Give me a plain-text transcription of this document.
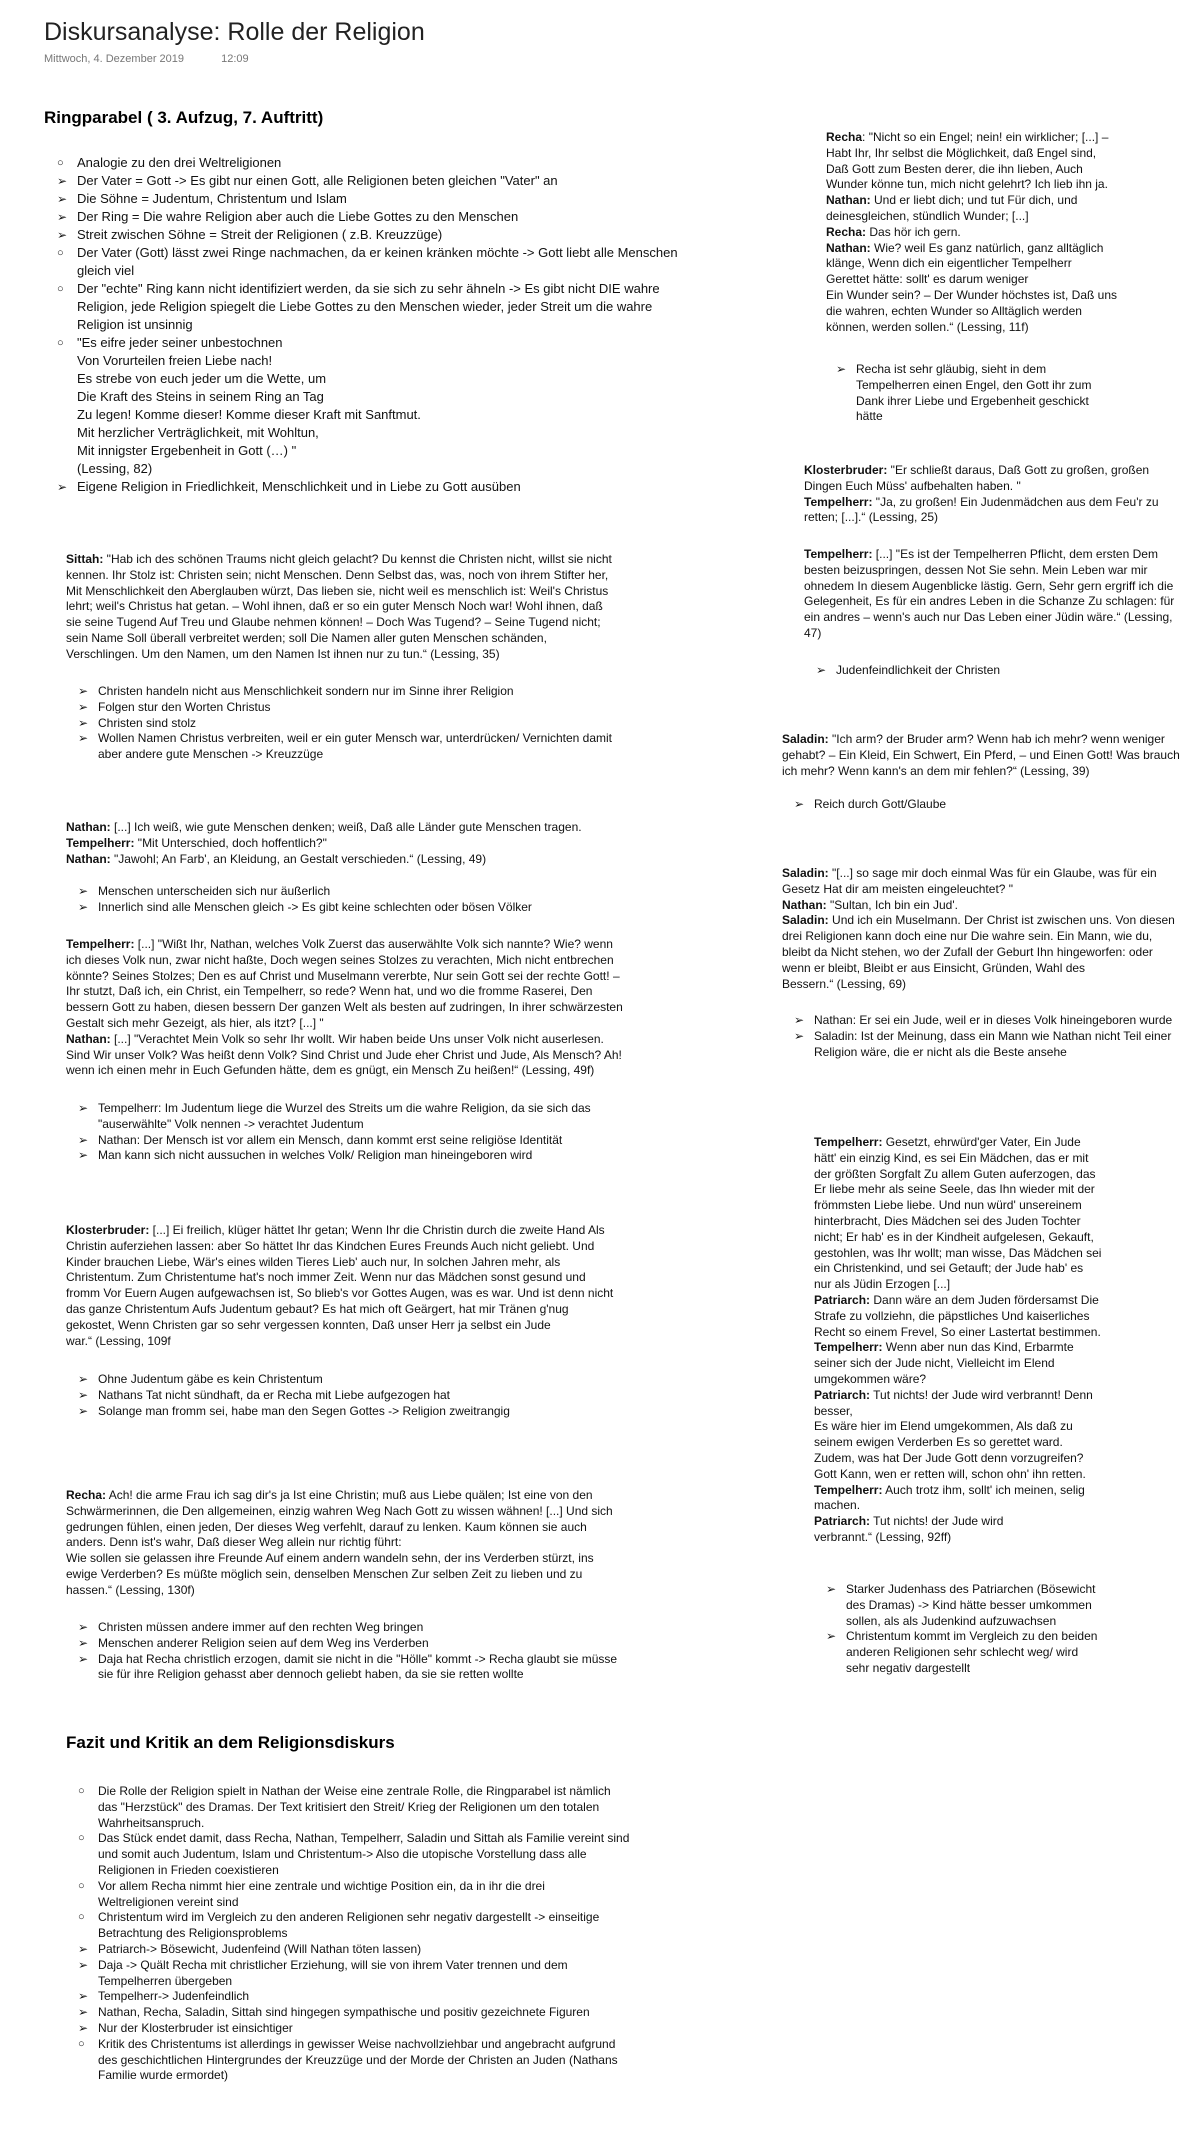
Diskursanalyse: Rolle der Religion
Mittwoch, 4. Dezember 2019	12:09
Ringparabel ( 3. Aufzug, 7. Auftritt)
○	Analogie zu den drei Weltreligionen
➢ Der Vater = Gott -> Es gibt nur einen Gott, alle Religionen beten gleichen "Vater" an
➢ Die Söhne = Judentum, Christentum und Islam
➢ Der Ring = Die wahre Religion aber auch die Liebe Gottes zu den Menschen
➢ Streit zwischen Söhne = Streit der Religionen ( z.B. Kreuzzüge)
○	Der Vater (Gott) lässt zwei Ringe nachmachen, da er keinen kränken möchte -> Gott liebt alle Menschen
gleich viel
○	Der "echte" Ring kann nicht identifiziert werden, da sie sich zu sehr ähneln -> Es gibt nicht DIE wahre
Religion, jede Religion spiegelt die Liebe Gottes zu den Menschen wieder, jeder Streit um die wahre
Religion ist unsinnig
○	"Es eifre jeder seiner unbestochnen
Von Vorurteilen freien Liebe nach!
Es strebe von euch jeder um die Wette, um
Die Kraft des Steins in seinem Ring an Tag
Zu legen! Komme dieser! Komme dieser Kraft mit Sanftmut.
Mit herzlicher Verträglichkeit, mit Wohltun,
Mit innigster Ergebenheit in Gott (…) "
(Lessing, 82)
➢ Eigene Religion in Friedlichkeit, Menschlichkeit und in Liebe zu Gott ausüben

Sittah: "Hab ich des schönen Traums nicht gleich gelacht? Du kennst die Christen nicht, willst sie nicht
kennen. Ihr Stolz ist: Christen sein; nicht Menschen. Denn Selbst das, was, noch von ihrem Stifter her,
Mit Menschlichkeit den Aberglauben würzt, Das lieben sie, nicht weil es menschlich ist: Weil's Christus
lehrt; weil's Christus hat getan. – Wohl ihnen, daß er so ein guter Mensch Noch war! Wohl ihnen, daß
sie seine Tugend Auf Treu und Glaube nehmen können! – Doch Was Tugend? – Seine Tugend nicht;
sein Name Soll überall verbreitet werden; soll Die Namen aller guten Menschen schänden,
Verschlingen. Um den Namen, um den Namen Ist ihnen nur zu tun.“ (Lessing, 35)

➢ Christen handeln nicht aus Menschlichkeit sondern nur im Sinne ihrer Religion
➢ Folgen stur den Worten Christus
➢ Christen sind stolz
➢ Wollen Namen Christus verbreiten, weil er ein guter Mensch war, unterdrücken/ Vernichten damit
aber andere gute Menschen -> Kreuzzüge

Nathan: [...] Ich weiß, wie gute Menschen denken; weiß, Daß alle Länder gute Menschen tragen.

Tempelherr: "Mit Unterschied, doch hoffentlich?"

Nathan: "Jawohl; An Farb', an Kleidung, an Gestalt verschieden.“ (Lessing, 49)

➢ Menschen unterscheiden sich nur äußerlich
➢ Innerlich sind alle Menschen gleich -> Es gibt keine schlechten oder bösen Völker

Tempelherr: [...] "Wißt Ihr, Nathan, welches Volk Zuerst das auserwählte Volk sich nannte? Wie? wenn
ich dieses Volk nun, zwar nicht haßte, Doch wegen seines Stolzes zu verachten, Mich nicht entbrechen
könnte? Seines Stolzes; Den es auf Christ und Muselmann vererbte, Nur sein Gott sei der rechte Gott! –
Ihr stutzt, Daß ich, ein Christ, ein Tempelherr, so rede? Wenn hat, und wo die fromme Raserei, Den
bessern Gott zu haben, diesen bessern Der ganzen Welt als besten auf zudringen, In ihrer schwärzesten
Gestalt sich mehr Gezeigt, als hier, als itzt? [...] "

Nathan: [...] "Verachtet Mein Volk so sehr Ihr wollt. Wir haben beide Uns unser Volk nicht auserlesen.
Sind Wir unser Volk? Was heißt denn Volk? Sind Christ und Jude eher Christ und Jude, Als Mensch? Ah!
wenn ich einen mehr in Euch Gefunden hätte, dem es gnügt, ein Mensch Zu heißen!“ (Lessing, 49f)

➢ Tempelherr: Im Judentum liege die Wurzel des Streits um die wahre Religion, da sie sich das
"auserwählte" Volk nennen -> verachtet Judentum
➢ Nathan: Der Mensch ist vor allem ein Mensch, dann kommt erst seine religiöse Identität
➢ Man kann sich nicht aussuchen in welches Volk/ Religion man hineingeboren wird

Klosterbruder: [...] Ei freilich, klüger hättet Ihr getan; Wenn Ihr die Christin durch die zweite Hand Als
Christin auferziehen lassen: aber So hättet Ihr das Kindchen Eures Freunds Auch nicht geliebt. Und
Kinder brauchen Liebe, Wär's eines wilden Tieres Lieb' auch nur, In solchen Jahren mehr, als
Christentum. Zum Christentume hat's noch immer Zeit. Wenn nur das Mädchen sonst gesund und
fromm Vor Euern Augen aufgewachsen ist, So blieb's vor Gottes Augen, was es war. Und ist denn nicht
das ganze Christentum Aufs Judentum gebaut? Es hat mich oft Geärgert, hat mir Tränen g'nug
gekostet, Wenn Christen gar so sehr vergessen konnten, Daß unser Herr ja selbst ein Jude
war.“ (Lessing, 109f

➢ Ohne Judentum gäbe es kein Christentum
➢ Nathans Tat nicht sündhaft, da er Recha mit Liebe aufgezogen hat
➢ Solange man fromm sei, habe man den Segen Gottes -> Religion zweitrangig

Recha: Ach! die arme Frau ich sag dir's ja Ist eine Christin; muß aus Liebe quälen; Ist eine von den
Schwärmerinnen, die Den allgemeinen, einzig wahren Weg Nach Gott zu wissen wähnen! [...] Und sich
gedrungen fühlen, einen jeden, Der dieses Weg verfehlt, darauf zu lenken. Kaum können sie auch
anders. Denn ist's wahr, Daß dieser Weg allein nur richtig führt:
Wie sollen sie gelassen ihre Freunde Auf einem andern wandeln sehn, der ins Verderben stürzt, ins
ewige Verderben? Es müßte möglich sein, denselben Menschen Zur selben Zeit zu lieben und zu
hassen.“ (Lessing, 130f)

➢ Christen müssen andere immer auf den rechten Weg bringen
➢ Menschen anderer Religion seien auf dem Weg ins Verderben
➢ Daja hat Recha christlich erzogen, damit sie nicht in die "Hölle" kommt -> Recha glaubt sie müsse
sie für ihre Religion gehasst aber dennoch geliebt haben, da sie sie retten wollte
Fazit und Kritik an dem Religionsdiskurs
○	Die Rolle der Religion spielt in Nathan der Weise eine zentrale Rolle, die Ringparabel ist nämlich
das "Herzstück" des Dramas. Der Text kritisiert den Streit/ Krieg der Religionen um den totalen
Wahrheitsanspruch.
○	Das Stück endet damit, dass Recha, Nathan, Tempelherr, Saladin und Sittah als Familie vereint sind
und somit auch Judentum, Islam und Christentum-> Also die utopische Vorstellung dass alle
Religionen in Frieden coexistieren
○	Vor allem Recha nimmt hier eine zentrale und wichtige Position ein, da in ihr die drei
Weltreligionen vereint sind
○	Christentum wird im Vergleich zu den anderen Religionen sehr negativ dargestellt -> einseitige
Betrachtung des Religionsproblems
➢ Patriarch-> Bösewicht, Judenfeind (Will Nathan töten lassen)
➢ Daja -> Quält Recha mit christlicher Erziehung, will sie von ihrem Vater trennen und dem
Tempelherren übergeben
➢ Tempelherr-> Judenfeindlich
➢ Nathan, Recha, Saladin, Sittah sind hingegen sympathische und positiv gezeichnete Figuren
➢ Nur der Klosterbruder ist einsichtiger
○	Kritik des Christentums ist allerdings in gewisser Weise nachvollziehbar und angebracht aufgrund
des geschichtlichen Hintergrundes der Kreuzzüge und der Morde der Christen an Juden (Nathans
Familie wurde ermordet)

Recha: "Nicht so ein Engel; nein! ein wirklicher; [...] –
Habt Ihr, Ihr selbst die Möglichkeit, daß Engel sind,
Daß Gott zum Besten derer, die ihn lieben, Auch
Wunder könne tun, mich nicht gelehrt? Ich lieb ihn ja.

Nathan: Und er liebt dich; und tut Für dich, und
deinesgleichen, stündlich Wunder; [...]

Recha: Das hör ich gern.

Nathan: Wie? weil Es ganz natürlich, ganz alltäglich
klänge, Wenn dich ein eigentlicher Tempelherr
Gerettet hätte: sollt' es darum weniger
Ein Wunder sein? – Der Wunder höchstes ist, Daß uns
die wahren, echten Wunder so Alltäglich werden
können, werden sollen.“ (Lessing, 11f)

➢ Recha ist sehr gläubig, sieht in dem
Tempelherren einen Engel, den Gott ihr zum
Dank ihrer Liebe und Ergebenheit geschickt
hätte

Klosterbruder: "Er schließt daraus, Daß Gott zu großen, großen
Dingen Euch Müss' aufbehalten haben. "

Tempelherr: "Ja, zu großen! Ein Judenmädchen aus dem Feu'r zu
retten; [...].“ (Lessing, 25)

Tempelherr: [...] "Es ist der Tempelherren Pflicht, dem ersten Dem
besten beizuspringen, dessen Not Sie sehn. Mein Leben war mir
ohnedem In diesem Augenblicke lästig. Gern, Sehr gern ergriff ich die
Gelegenheit, Es für ein andres Leben in die Schanze Zu schlagen: für
ein andres – wenn's auch nur Das Leben einer Jüdin wäre.“ (Lessing,
47)

➢ Judenfeindlichkeit der Christen

Saladin: "Ich arm? der Bruder arm? Wenn hab ich mehr? wenn weniger
gehabt? – Ein Kleid, Ein Schwert, Ein Pferd, – und Einen Gott! Was brauch
ich mehr? Wenn kann's an dem mir fehlen?“ (Lessing, 39)

➢ Reich durch Gott/Glaube

Saladin: "[...] so sage mir doch einmal Was für ein Glaube, was für ein
Gesetz Hat dir am meisten eingeleuchtet? "

Nathan: "Sultan, Ich bin ein Jud'.

Saladin: Und ich ein Muselmann. Der Christ ist zwischen uns. Von diesen
drei Religionen kann doch eine nur Die wahre sein. Ein Mann, wie du,
bleibt da Nicht stehen, wo der Zufall der Geburt Ihn hingeworfen: oder
wenn er bleibt, Bleibt er aus Einsicht, Gründen, Wahl des
Bessern.“ (Lessing, 69)

➢ Nathan: Er sei ein Jude, weil er in dieses Volk hineingeboren wurde
➢ Saladin: Ist der Meinung, dass ein Mann wie Nathan nicht Teil einer
Religion wäre, die er nicht als die Beste ansehe

Tempelherr: Gesetzt, ehrwürd'ger Vater, Ein Jude
hätt' ein einzig Kind, es sei Ein Mädchen, das er mit
der größten Sorgfalt Zu allem Guten auferzogen, das
Er liebe mehr als seine Seele, das Ihn wieder mit der
frömmsten Liebe liebe. Und nun würd' unsereinem
hinterbracht, Dies Mädchen sei des Juden Tochter
nicht; Er hab' es in der Kindheit aufgelesen, Gekauft,
gestohlen, was Ihr wollt; man wisse, Das Mädchen sei
ein Christenkind, und sei Getauft; der Jude hab' es
nur als Jüdin Erzogen [...]

Patriarch: Dann wäre an dem Juden fördersamst Die
Strafe zu vollziehn, die päpstliches Und kaiserliches
Recht so einem Frevel, So einer Lastertat bestimmen.

Tempelherr: Wenn aber nun das Kind, Erbarmte
seiner sich der Jude nicht, Vielleicht im Elend
umgekommen wäre?

Patriarch: Tut nichts! der Jude wird verbrannt! Denn
besser,
Es wäre hier im Elend umgekommen, Als daß zu
seinem ewigen Verderben Es so gerettet ward.
Zudem, was hat Der Jude Gott denn vorzugreifen?
Gott Kann, wen er retten will, schon ohn' ihn retten.

Tempelherr: Auch trotz ihm, sollt' ich meinen, selig
machen.

Patriarch: Tut nichts! der Jude wird
verbrannt.“ (Lessing, 92ff)

➢ Starker Judenhass des Patriarchen (Bösewicht
des Dramas) -> Kind hätte besser umkommen
sollen, als als Judenkind aufzuwachsen
➢ Christentum kommt im Vergleich zu den beiden
anderen Religionen sehr schlecht weg/ wird
sehr negativ dargestellt
